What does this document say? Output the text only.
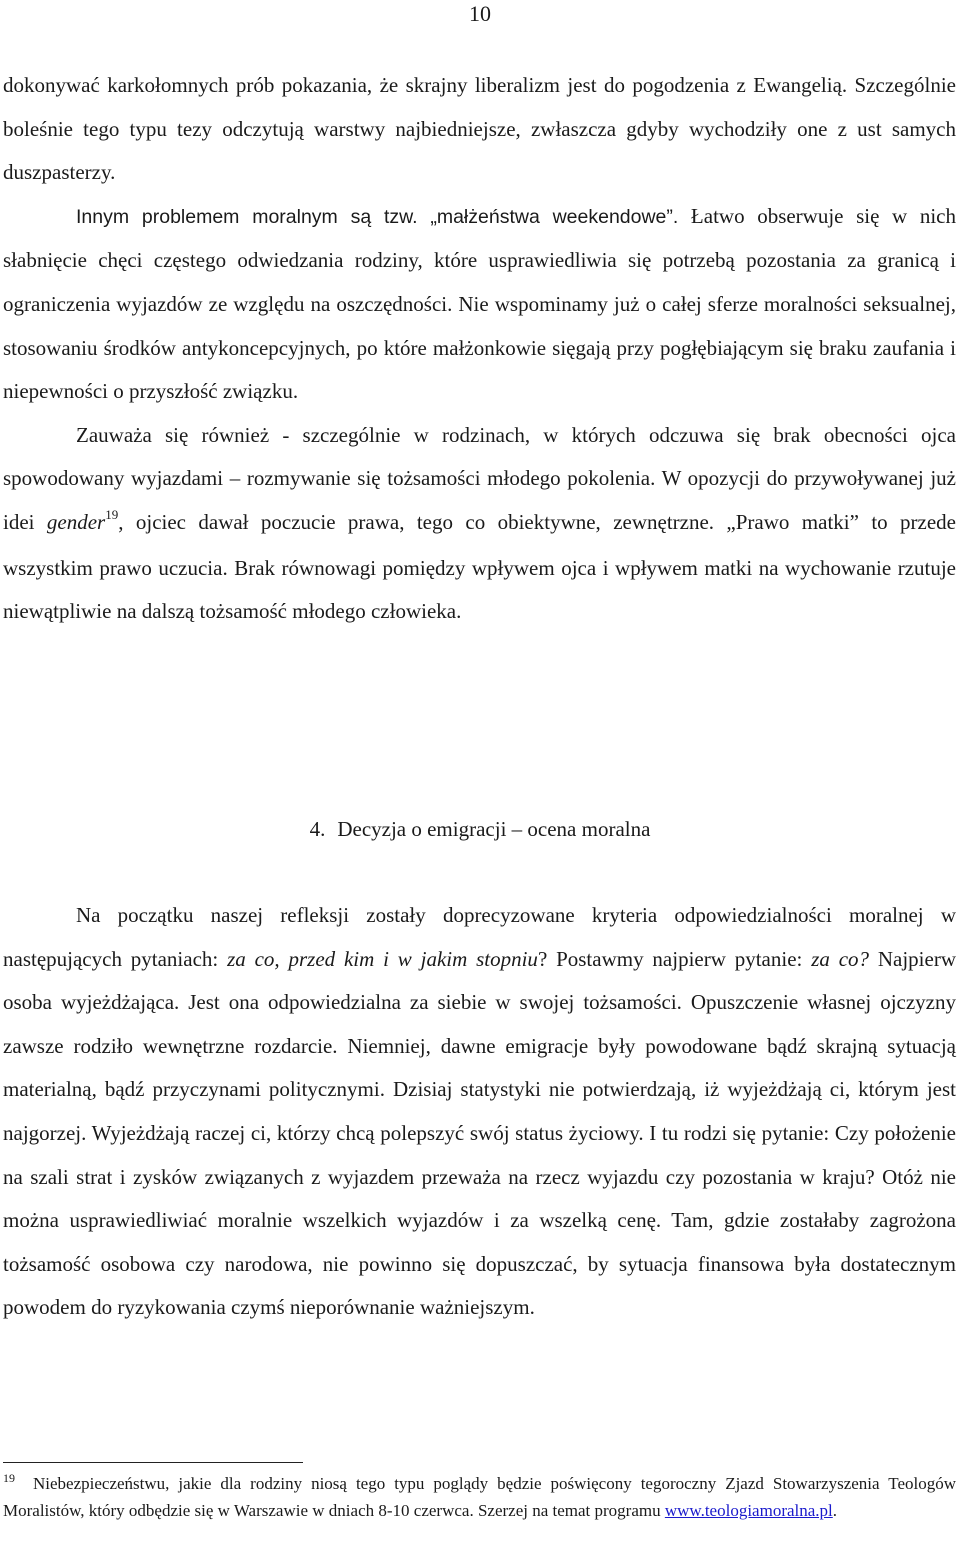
10

dokonywać karkołomnych prób pokazania, że skrajny liberalizm jest do pogodzenia z Ewangelią. Szczególnie boleśnie tego typu tezy odczytują warstwy najbiedniejsze, zwłaszcza gdyby wychodziły one z ust samych duszpasterzy.

Innym problemem moralnym są tzw. „małżeństwa weekendowe”. Łatwo obserwuje się w nich słabnięcie chęci częstego odwiedzania rodziny, które usprawiedliwia się potrzebą pozostania za granicą i ograniczenia wyjazdów ze względu na oszczędności. Nie wspominamy już o całej sferze moralności seksualnej, stosowaniu środków antykoncepcyjnych, po które małżonkowie sięgają przy pogłębiającym się braku zaufania i niepewności o przyszłość związku.

Zauważa się również - szczególnie w rodzinach, w których odczuwa się brak obecności ojca spowodowany wyjazdami – rozmywanie się tożsamości młodego pokolenia. W opozycji do przywoływanej już idei gender$^{19}$, ojciec dawał poczucie prawa, tego co obiektywne, zewnętrzne. „Prawo matki” to przede wszystkim prawo uczucia. Brak równowagi pomiędzy wpływem ojca i wpływem matki na wychowanie rzutuje niewątpliwie na dalszą tożsamość młodego człowieka.

4. Decyzja o emigracji – ocena moralna

Na początku naszej refleksji zostały doprecyzowane kryteria odpowiedzialności moralnej w następujących pytaniach: za co, przed kim i w jakim stopniu? Postawmy najpierw pytanie: za co? Najpierw osoba wyjeżdżająca. Jest ona odpowiedzialna za siebie w swojej tożsamości. Opuszczenie własnej ojczyzny zawsze rodziło wewnętrzne rozdarcie. Niemniej, dawne emigracje były powodowane bądź skrajną sytuacją materialną, bądź przyczynami politycznymi. Dzisiaj statystyki nie potwierdzają, iż wyjeżdżają ci, którym jest najgorzej. Wyjeżdżają raczej ci, którzy chcą polepszyć swój status życiowy. I tu rodzi się pytanie: Czy położenie na szali strat i zysków związanych z wyjazdem przeważa na rzecz wyjazdu czy pozostania w kraju? Otóż nie można usprawiedliwiać moralnie wszelkich wyjazdów i za wszelką cenę. Tam, gdzie zostałaby zagrożona tożsamość osobowa czy narodowa, nie powinno się dopuszczać, by sytuacja finansowa była dostatecznym powodem do ryzykowania czymś nieporównanie ważniejszym.

$^{19}$ Niebezpieczeństwu, jakie dla rodziny niosą tego typu poglądy będzie poświęcony tegoroczny Zjazd Stowarzyszenia Teologów Moralistów, który odbędzie się w Warszawie w dniach 8-10 czerwca. Szerzej na temat programu www.teologiamoralna.pl.
